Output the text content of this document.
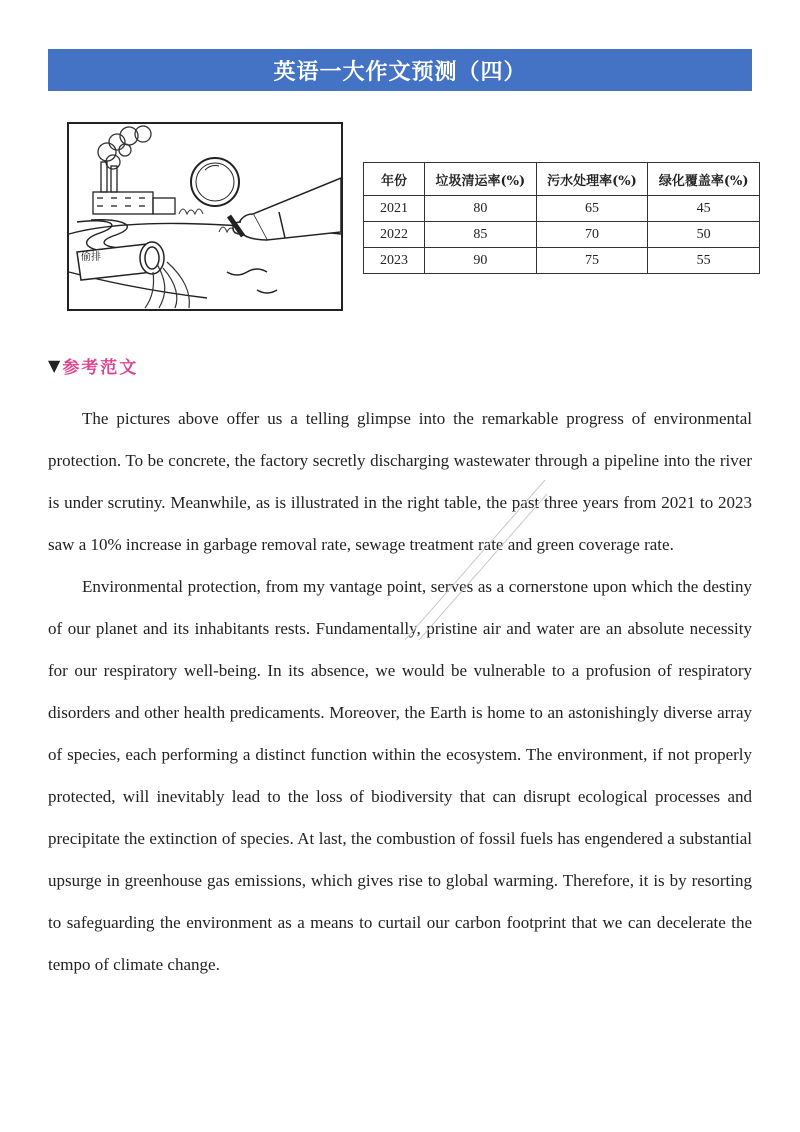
英语一大作文预测（四）
偷排
年份	垃圾清运率(%)	污水处理率(%)	绿化覆盖率(%)
2021	80	65	45
2022	85	70	50
2023	90	75	55
▼ 参考范文

The pictures above offer us a telling glimpse into the remarkable progress of environmental protection. To be concrete, the factory secretly discharging wastewater through a pipeline into the river is under scrutiny. Meanwhile, as is illustrated in the right table, the past three years from 2021 to 2023 saw a 10% increase in garbage removal rate, sewage treatment rate and green coverage rate.

Environmental protection, from my vantage point, serves as a cornerstone upon which the destiny of our planet and its inhabitants rests. Fundamentally, pristine air and water are an absolute necessity for our respiratory well-being. In its absence, we would be vulnerable to a profusion of respiratory disorders and other health predicaments. Moreover, the Earth is home to an astonishingly diverse array of species, each performing a distinct function within the ecosystem. The environment, if not properly protected, will inevitably lead to the loss of biodiversity that can disrupt ecological processes and precipitate the extinction of species. At last, the combustion of fossil fuels has engendered a substantial upsurge in greenhouse gas emissions, which gives rise to global warming. Therefore, it is by resorting to safeguarding the environment as a means to curtail our carbon footprint that we can decelerate the tempo of climate change.
